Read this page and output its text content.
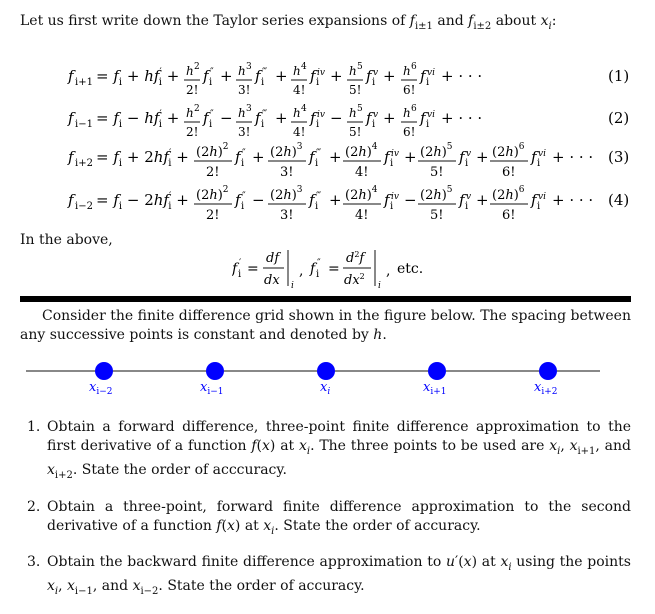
Let us first write down the Taylor series expansions of $f_{i\pm 1}$ and $f_{i\pm 2}$ about $x_i$:

f $i+1 = f_i + hf'$ i + h 2
2!
f ″
i + h 3
3!
f ‴
i + h 4
4!
f iv
i + h 5
5!
f v
i + h 6
6!
f vi
i + · · ·	(1)
f $i-1 = f_i - hf'$ i + h 2
2!
f ″
i − h 3
3!
f ‴
i + h 4
4!
f iv
i − h 5
5!
f v
i + h 6
6!
f vi
i + · · ·	(2)
f $i+2 = f_i + 2hf'$ $i + (2h)^2$
2!
f ″
$i + (2h)^3$
3!
f ‴
$i + (2h)^4$
4!
f iv
$i + (2h)^5$
5!
f v
$i + (2h)^6$
6!
f vi
i + · · · (3)
f $i-2 = f_i - 2hf'$ $i + (2h)^2$
2!
f ″
$i - (2h)^3$
3!
f ‴
$i + (2h)^4$
4!
f iv
$i - (2h)^5$
5!
f v
$i + (2h)^6$
6!
f vi
i + · · · (4)

In the above,

f ′
i =
df
dx i
, f ″
i =
$d^2f$
$dx^2$
i
, etc.

Consider the finite difference grid shown in the figure below. The spacing between any successive points is constant and denoted by h.

$x_{i-2}$	$x_{i-1}$	$x_i$	$x_{i+1}$	$x_{i+2}$
1. Obtain a forward difference, three-point finite difference approximation to the first derivative of a function f(x) at $x_i$. The three points to be used are $x_i$, $x_{i+1}$, and $x_{i+2}$. State the order of acccuracy.
2. Obtain a three-point, forward finite difference approximation to the second derivative of a function f(x) at $x_i$. State the order of accuracy.
3. Obtain the backward finite difference approximation to u′(x) at $x_i$ using the points $x_i$, $x_{i-1}$, and $x_{i-2}$. State the order of accuracy.
